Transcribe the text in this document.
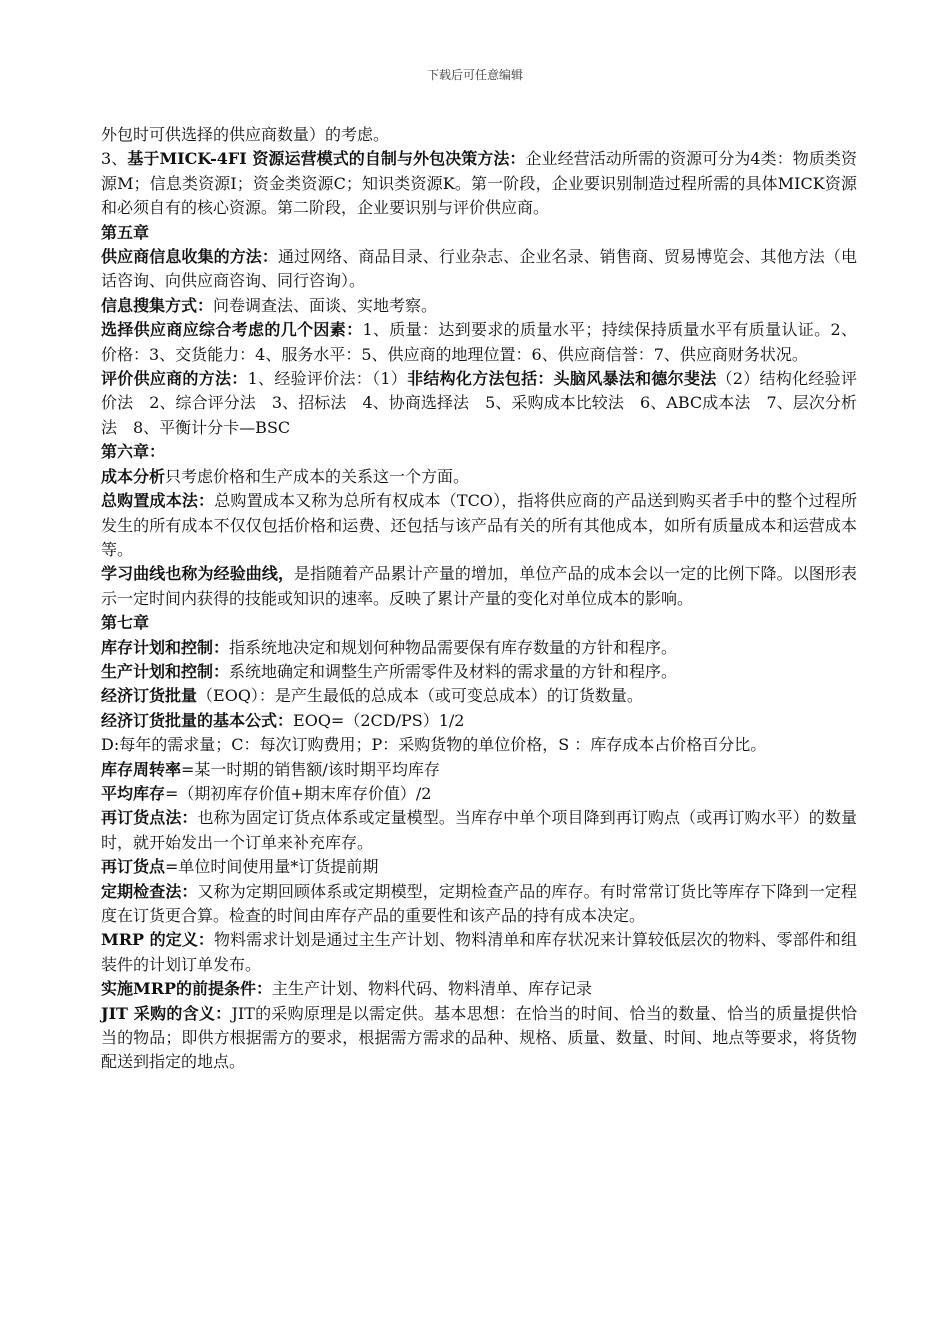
下载后可任意编辑

外包时可供选择的供应商数量）的考虑。

3、基于MICK-4FI 资源运营模式的自制与外包决策方法：企业经营活动所需的资源可分为4类：物质类资源M；信息类资源I；资金类资源C；知识类资源K。第一阶段，企业要识别制造过程所需的具体MICK资源和必须自有的核心资源。第二阶段，企业要识别与评价供应商。

第五章

供应商信息收集的方法：通过网络、商品目录、行业杂志、企业名录、销售商、贸易博览会、其他方法（电话咨询、向供应商咨询、同行咨询）。

信息搜集方式：问卷调查法、面谈、实地考察。

选择供应商应综合考虑的几个因素：1、质量：达到要求的质量水平；持续保持质量水平有质量认证。2、价格：3、交货能力：4、服务水平：5、供应商的地理位置：6、供应商信誉：7、供应商财务状况。

评价供应商的方法：1、经验评价法：（1）非结构化方法包括：头脑风暴法和德尔斐法（2）结构化经验评价法　2、综合评分法　3、招标法　4、协商选择法　5、采购成本比较法　6、ABC成本法　7、层次分析法　8、平衡计分卡—BSC

第六章：

成本分析只考虑价格和生产成本的关系这一个方面。

总购置成本法：总购置成本又称为总所有权成本（TCO），指将供应商的产品送到购买者手中的整个过程所发生的所有成本不仅仅包括价格和运费、还包括与该产品有关的所有其他成本，如所有质量成本和运营成本等。

学习曲线也称为经验曲线，是指随着产品累计产量的增加，单位产品的成本会以一定的比例下降。以图形表示一定时间内获得的技能或知识的速率。反映了累计产量的变化对单位成本的影响。

第七章

库存计划和控制：指系统地决定和规划何种物品需要保有库存数量的方针和程序。

生产计划和控制：系统地确定和调整生产所需零件及材料的需求量的方针和程序。

经济订货批量（EOQ）：是产生最低的总成本（或可变总成本）的订货数量。

经济订货批量的基本公式：EOQ=（2CD/PS）1/2

D:每年的需求量；C：每次订购费用；P：采购货物的单位价格，S ：库存成本占价格百分比。

库存周转率=某一时期的销售额/该时期平均库存

平均库存=（期初库存价值+期末库存价值）/2

再订货点法：也称为固定订货点体系或定量模型。当库存中单个项目降到再订购点（或再订购水平）的数量时，就开始发出一个订单来补充库存。

再订货点=单位时间使用量*订货提前期

定期检查法：又称为定期回顾体系或定期模型，定期检查产品的库存。有时常常订货比等库存下降到一定程度在订货更合算。检查的时间由库存产品的重要性和该产品的持有成本决定。

MRP 的定义：物料需求计划是通过主生产计划、物料清单和库存状况来计算较低层次的物料、零部件和组装件的计划订单发布。

实施MRP的前提条件：主生产计划、物料代码、物料清单、库存记录

JIT 采购的含义：JIT的采购原理是以需定供。基本思想：在恰当的时间、恰当的数量、恰当的质量提供恰当的物品；即供方根据需方的要求，根据需方需求的品种、规格、质量、数量、时间、地点等要求，将货物配送到指定的地点。
